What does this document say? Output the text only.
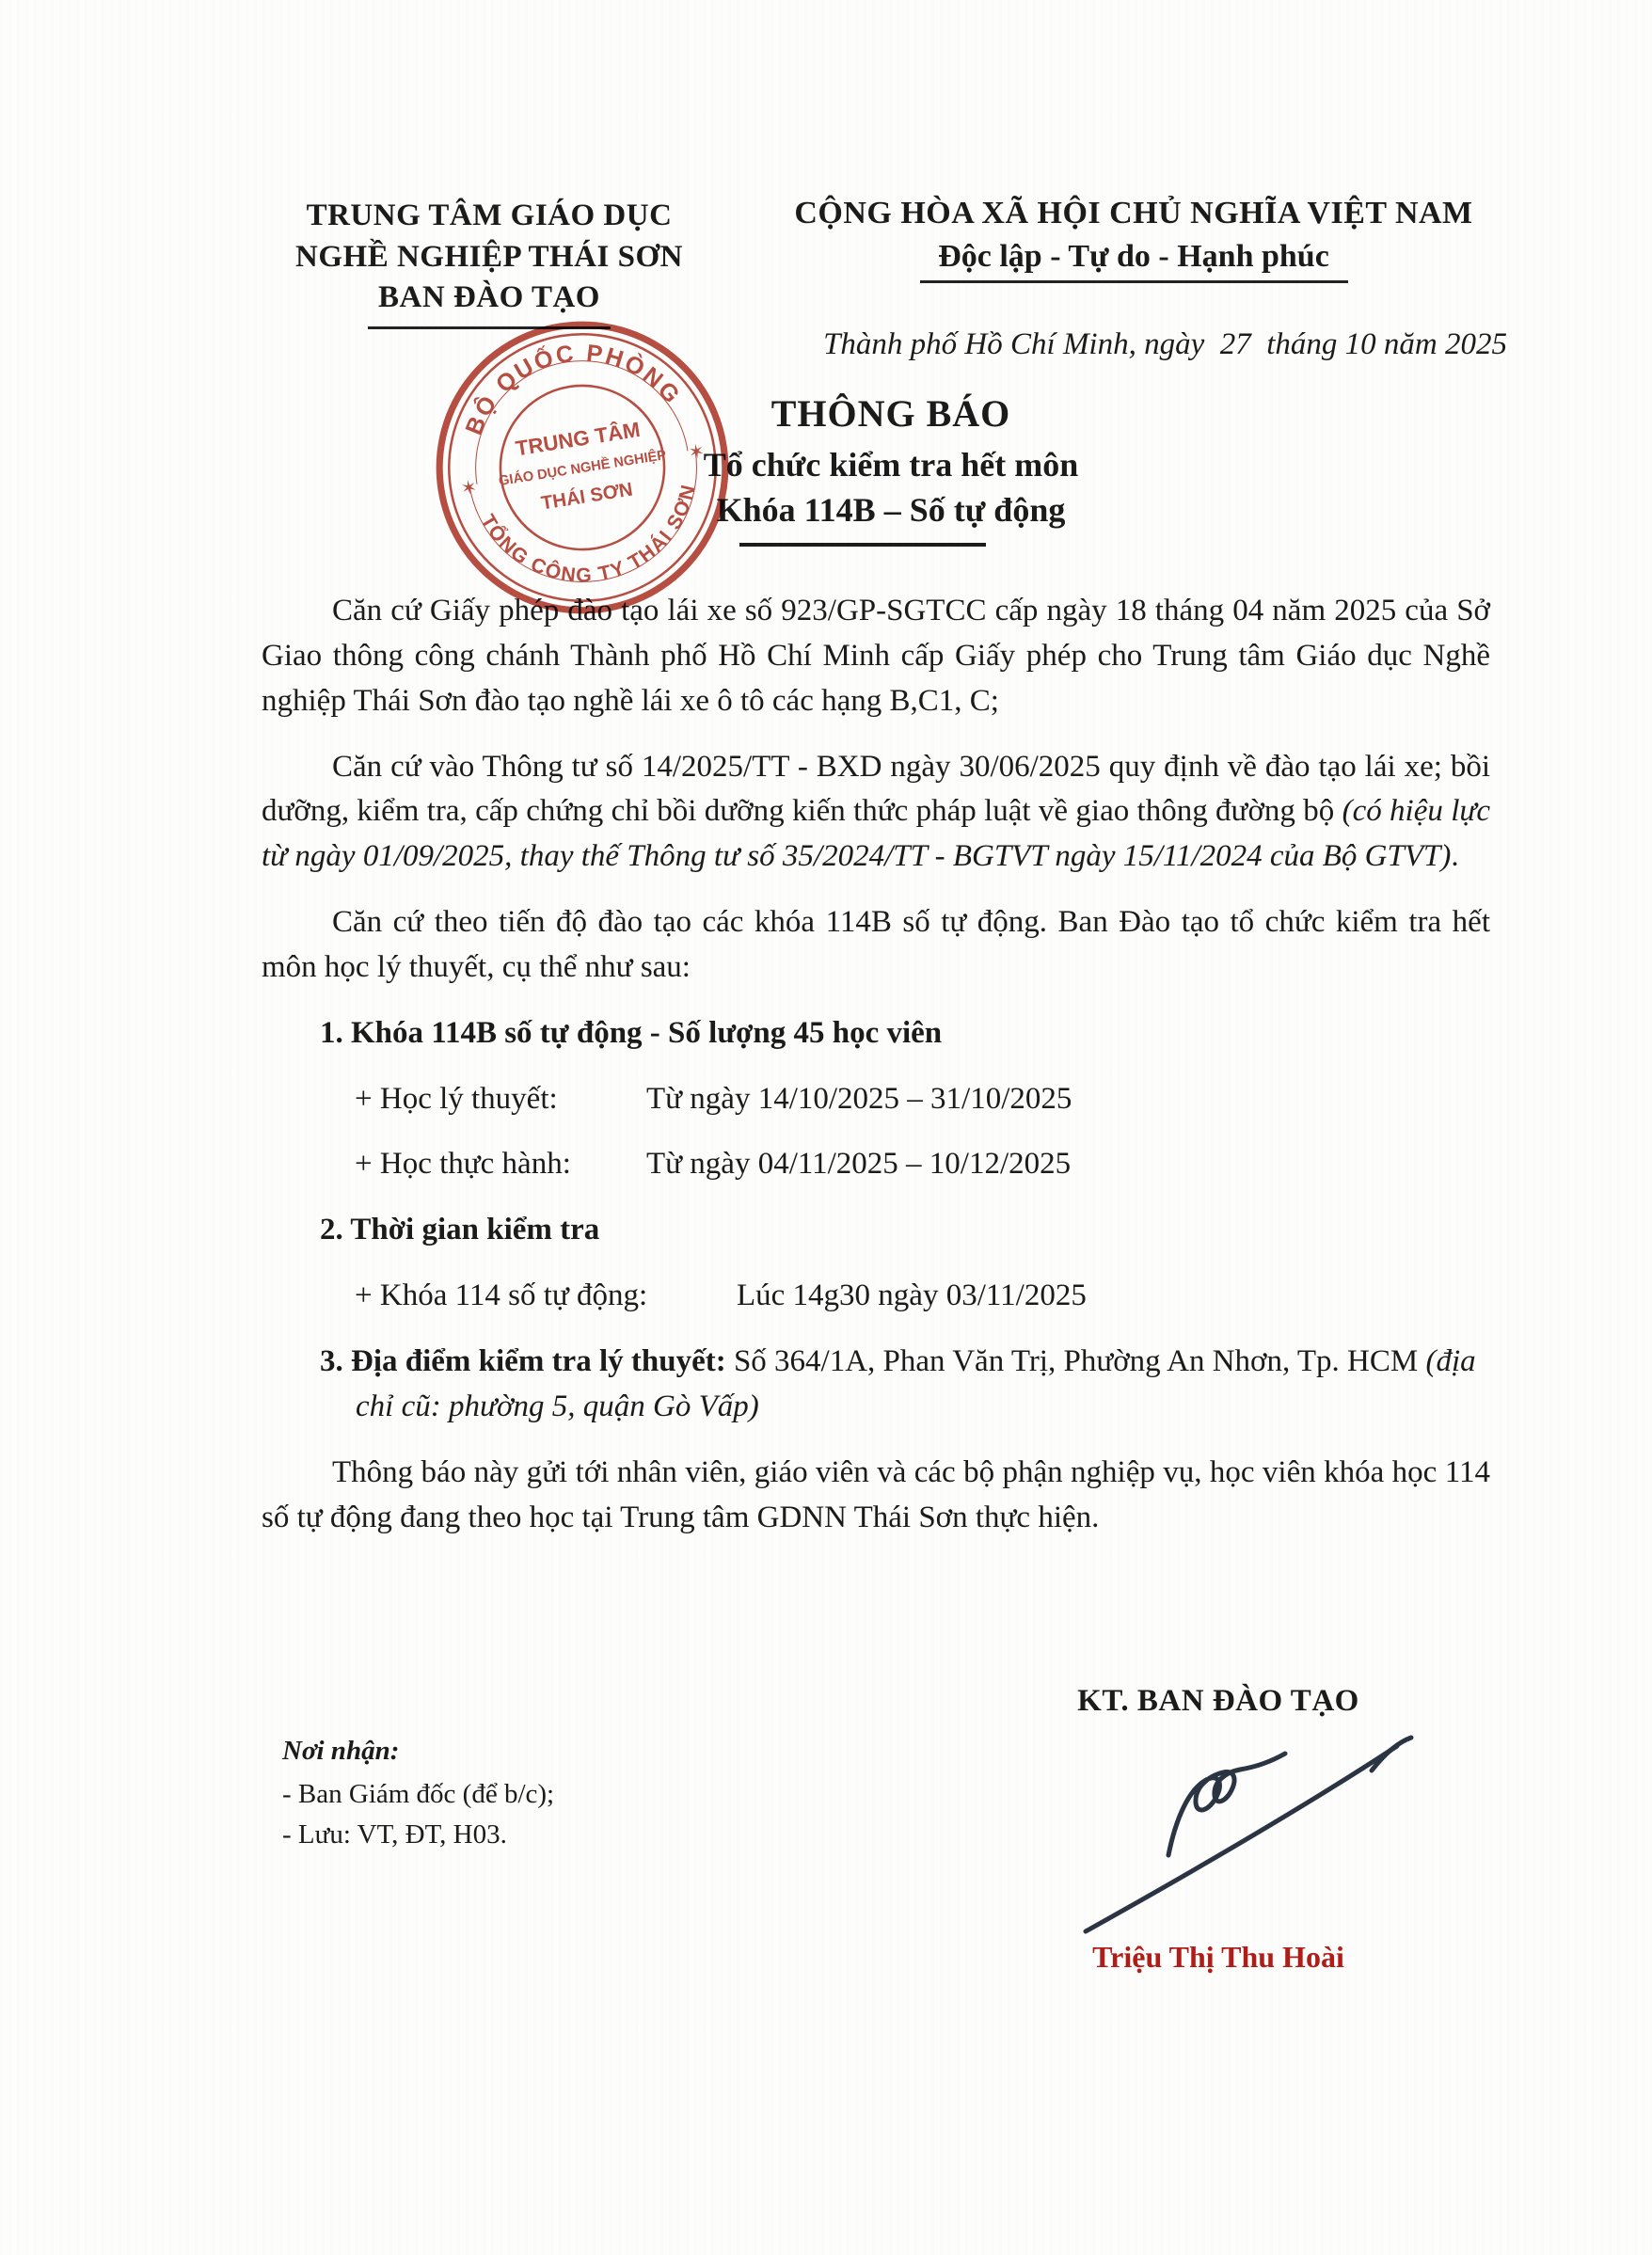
TRUNG TÂM GIÁO DỤC
NGHỀ NGHIỆP THÁI SƠN
BAN ĐÀO TẠO
CỘNG HÒA XÃ HỘI CHỦ NGHĨA VIỆT NAM
Độc lập - Tự do - Hạnh phúc
Thành phố Hồ Chí Minh, ngày  27  tháng 10 năm 2025
THÔNG BÁO
Tổ chức kiểm tra hết môn
Khóa 114B – Số tự động
BỘ QUỐC PHÒNG
TỔNG CÔNG TY THÁI SƠN
✶
✶
TRUNG TÂM
GIÁO DỤC NGHỀ NGHIỆP
THÁI SƠN

Căn cứ Giấy phép đào tạo lái xe số 923/GP-SGTCC cấp ngày 18 tháng 04 năm 2025 của Sở Giao thông công chánh Thành phố Hồ Chí Minh cấp Giấy phép cho Trung tâm Giáo dục Nghề nghiệp Thái Sơn đào tạo nghề lái xe ô tô các hạng B,C1, C;

Căn cứ vào Thông tư số 14/2025/TT - BXD ngày 30/06/2025 quy định về đào tạo lái xe; bồi dưỡng, kiểm tra, cấp chứng chỉ bồi dưỡng kiến thức pháp luật về giao thông đường bộ (có hiệu lực từ ngày 01/09/2025, thay thế Thông tư số 35/2024/TT - BGTVT ngày 15/11/2024 của Bộ GTVT).

Căn cứ theo tiến độ đào tạo các khóa 114B số tự động. Ban Đào tạo tổ chức kiểm tra hết môn học lý thuyết, cụ thể như sau:

1. Khóa 114B số tự động - Số lượng 45 học viên

+ Học lý thuyết:	Từ ngày 14/10/2025 – 31/10/2025

+ Học thực hành: Từ ngày 04/11/2025 – 10/12/2025

2. Thời gian kiểm tra

+ Khóa 114 số tự động:	Lúc 14g30 ngày 03/11/2025

3. Địa điểm kiểm tra lý thuyết: Số 364/1A, Phan Văn Trị, Phường An Nhơn, Tp. HCM (địa chỉ cũ: phường 5, quận Gò Vấp)

Thông báo này gửi tới nhân viên, giáo viên và các bộ phận nghiệp vụ, học viên khóa học 114 số tự động đang theo học tại Trung tâm GDNN Thái Sơn thực hiện.

KT. BAN ĐÀO TẠO
Triệu Thị Thu Hoài
Nơi nhận:
- Ban Giám đốc (để b/c);
- Lưu: VT, ĐT, H03.
